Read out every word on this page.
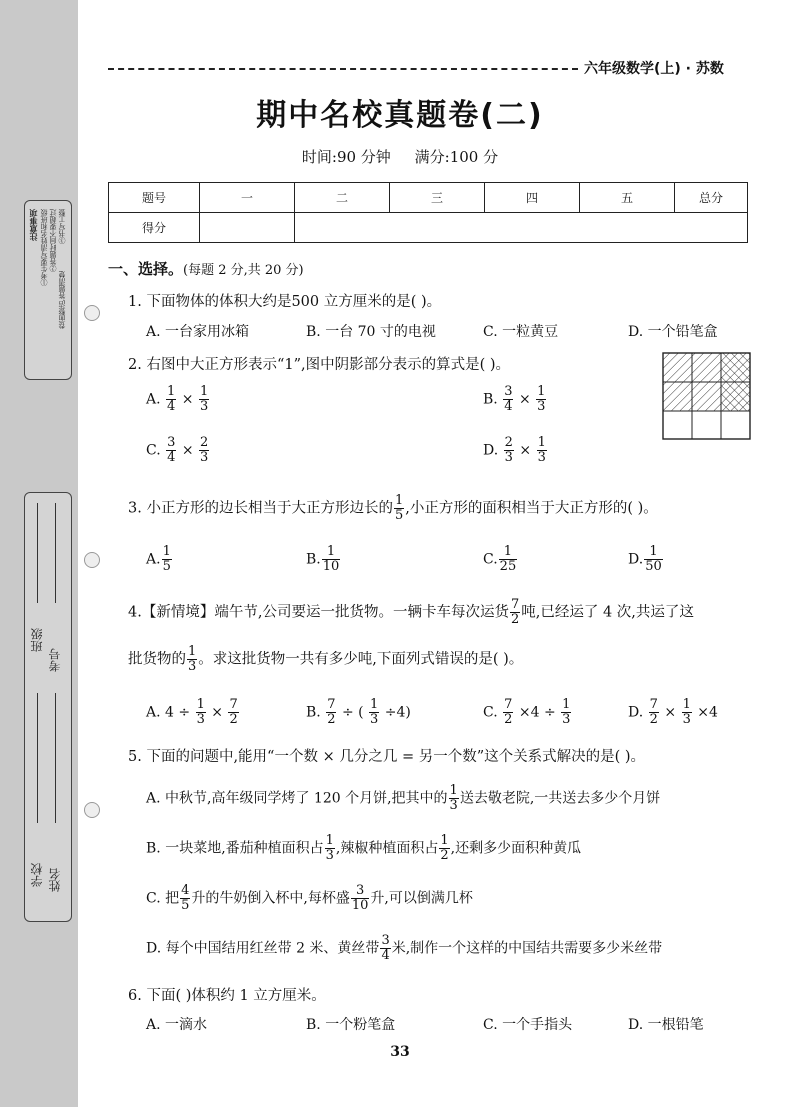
注意事项 ①考生要写清姓名和班级 ②答题时间不要超过 ③书写工整
卷面整洁,答题清楚
班级
考号
学校 姓名
六年级数学(上) · 苏数
期中名校真题卷(二)
时间:90 分钟 满分:100 分
题号	一	二	三	四	五	总分
得分						
一、选择。(每题 2 分,共 20 分)
1. 下面物体的体积大约是500 立方厘米的是( )。
A. 一台家用冰箱	B. 一台 70 寸的电视	C. 一粒黄豆	D. 一个铅笔盒
2. 右图中大正方形表示“1”,图中阴影部分表示的算式是( )。
A. $\frac{1}{4} \times \frac{1}{3}$	B. $\frac{3}{4} \times \frac{1}{3}$
C. $\frac{3}{4} \times \frac{2}{3}$	D. $\frac{2}{3} \times \frac{1}{3}$
3. 小正方形的边长相当于大正方形边长的 $\frac{1}{5}$ ,小正方形的面积相当于大正方形的( )。
A. $\frac{1}{5}$	B. $\frac{1}{10}$	C. $\frac{1}{25}$	D. $\frac{1}{50}$
4.【新情境】端午节,公司要运一批货物。一辆卡车每次运货 $\frac{7}{2}$ 吨,已经运了 4 次,共运了这
批货物的 $\frac{1}{3}$ 。求这批货物一共有多少吨,下面列式错误的是( )。
A. $4 \div \frac{1}{3} \times \frac{7}{2}$	B. $\frac{7}{2}$ ÷ ( $\frac{1}{3} \div 4$)	C. $\frac{7}{2} \times 4 \div \frac{1}{3}$	D. $\frac{7}{2} \times \frac{1}{3} \times 4$
5. 下面的问题中,能用“一个数 × 几分之几 = 另一个数”这个关系式解决的是( )。
A. 中秋节,高年级同学烤了 120 个月饼,把其中的 $\frac{1}{3}$ 送去敬老院,一共送去多少个月饼
B. 一块菜地,番茄种植面积占 $\frac{1}{3}$ ,辣椒种植面积占 $\frac{1}{2}$ ,还剩多少面积种黄瓜
C. 把 $\frac{4}{5}$ 升的牛奶倒入杯中,每杯盛 $\frac{3}{10}$ 升,可以倒满几杯
D. 每个中国结用红丝带 2 米、黄丝带 $\frac{3}{4}$ 米,制作一个这样的中国结共需要多少米丝带
6. 下面( )体积约 1 立方厘米。
A. 一滴水	B. 一个粉笔盒	C. 一个手指头	D. 一根铅笔
33
